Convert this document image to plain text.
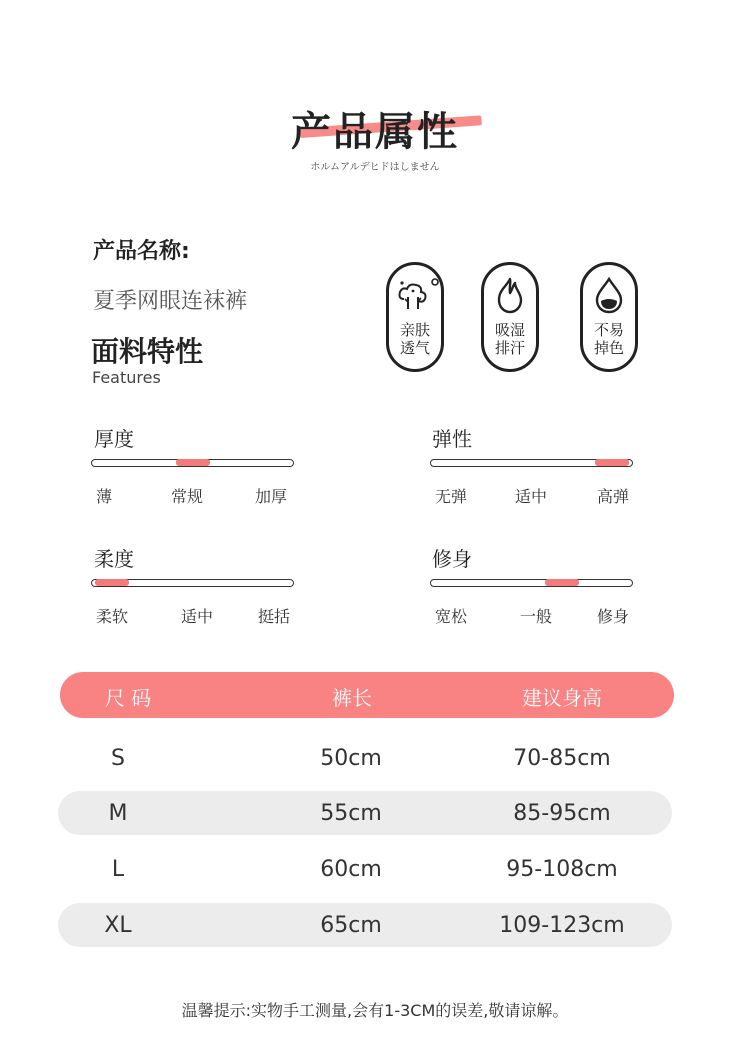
产品属性
ホルムアルデヒドはしません
产品名称:
夏季网眼连袜裤
面料特性
Features
亲肤
透气
吸湿
排汗
不易
掉色
厚度
薄	常规	加厚
弹性
无弹	适中	高弹
柔度
柔软	适中	挺括
修身
宽松	一般	修身
尺 码	裤长	建议身高
S	50cm	70-85cm
M	55cm	85-95cm
L	60cm	95-108cm
XL	65cm	109-123cm
温馨提示:实物手工测量,会有1-3CM的误差,敬请谅解。
